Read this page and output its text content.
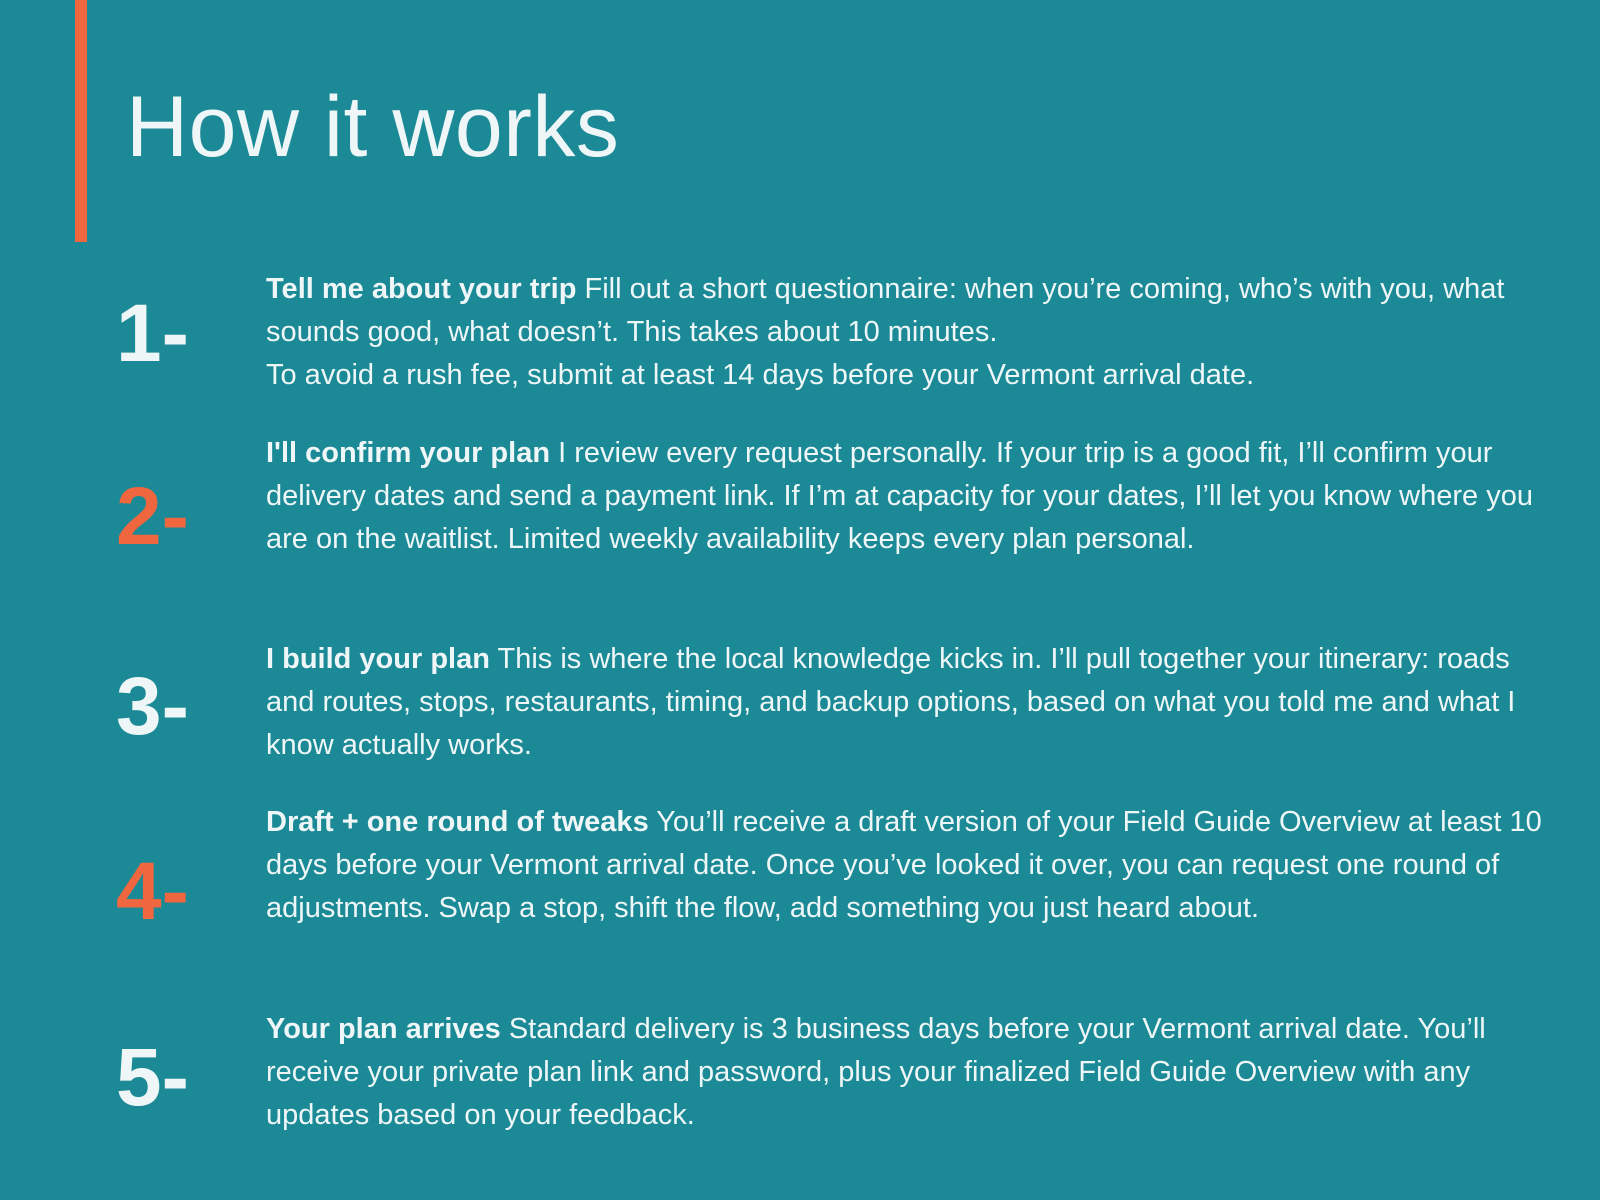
How it works
1-	Tell me about your trip Fill out a short questionnaire: when you’re coming, who’s with you, what sounds good, what doesn’t. This takes about 10 minutes.
To avoid a rush fee, submit at least 14 days before your Vermont arrival date.

2-

I'll confirm your plan I review every request personally. If your trip is a good fit, I’ll confirm your delivery dates and send a payment link. If I’m at capacity for your dates, I’ll let you know where you are on the waitlist. Limited weekly availability keeps every plan personal.

3-

I build your plan This is where the local knowledge kicks in. I’ll pull together your itinerary: roads and routes, stops, restaurants, timing, and backup options, based on what you told me and what I know actually works.

4-

Draft + one round of tweaks You’ll receive a draft version of your Field Guide Overview at least 10 days before your Vermont arrival date. Once you’ve looked it over, you can request one round of adjustments. Swap a stop, shift the flow, add something you just heard about.

5-

Your plan arrives Standard delivery is 3 business days before your Vermont arrival date. You’ll receive your private plan link and password, plus your finalized Field Guide Overview with any updates based on your feedback.
